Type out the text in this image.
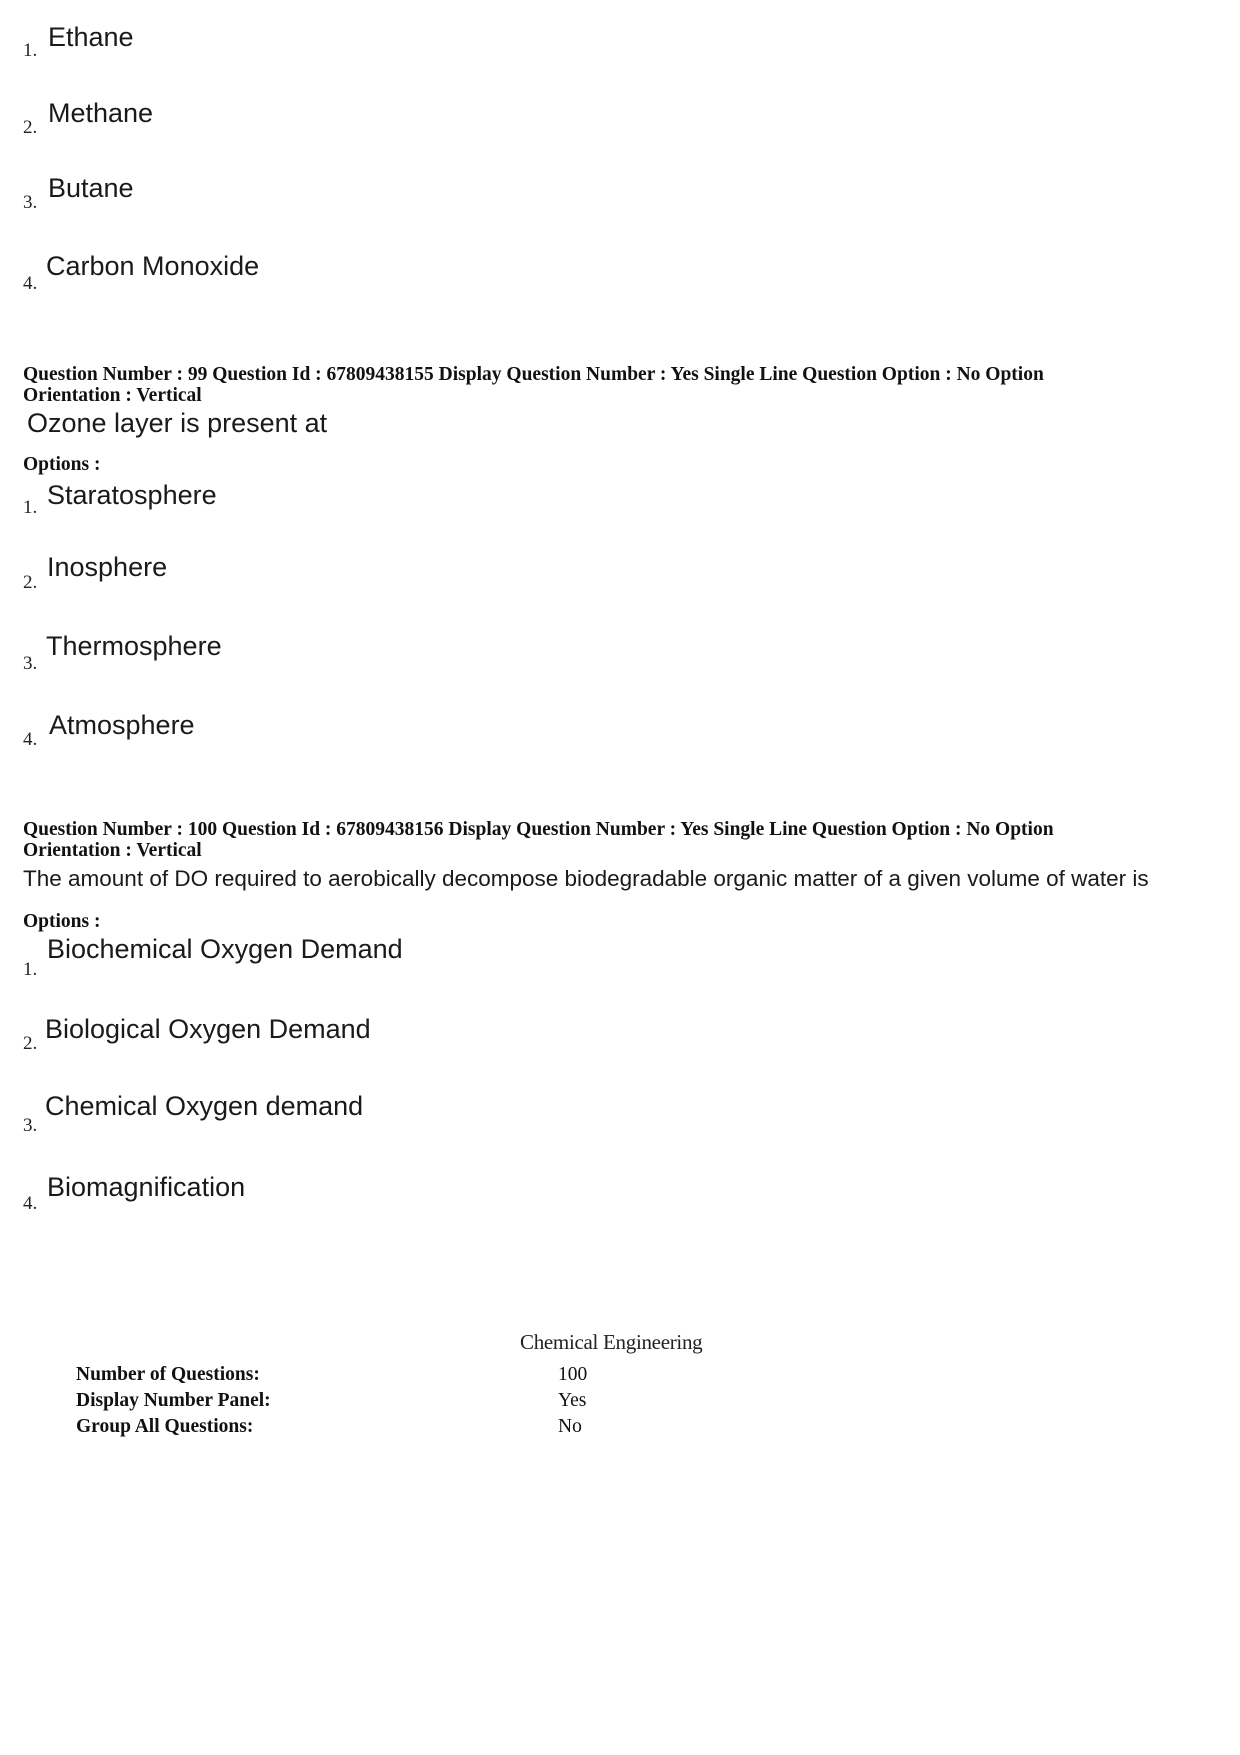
1. Ethane
2. Methane
3. Butane
4.
Carbon Monoxide
Question Number : 99 Question Id : 67809438155 Display Question Number : Yes Single Line Question Option : No Option
Orientation : Vertical
Ozone layer is present at
Options :
1. Staratosphere
2.
Inosphere
3.
Thermosphere
4. Atmosphere
Question Number : 100 Question Id : 67809438156 Display Question Number : Yes Single Line Question Option : No Option
Orientation : Vertical
The amount of DO required to aerobically decompose biodegradable organic matter of a given volume of water is
Options :
1.
Biochemical Oxygen Demand
2. Biological Oxygen Demand
3.
Chemical Oxygen demand
4.
Biomagnification
Chemical Engineering
Number of Questions:	100
Display Number Panel:	Yes
Group All Questions:	No
